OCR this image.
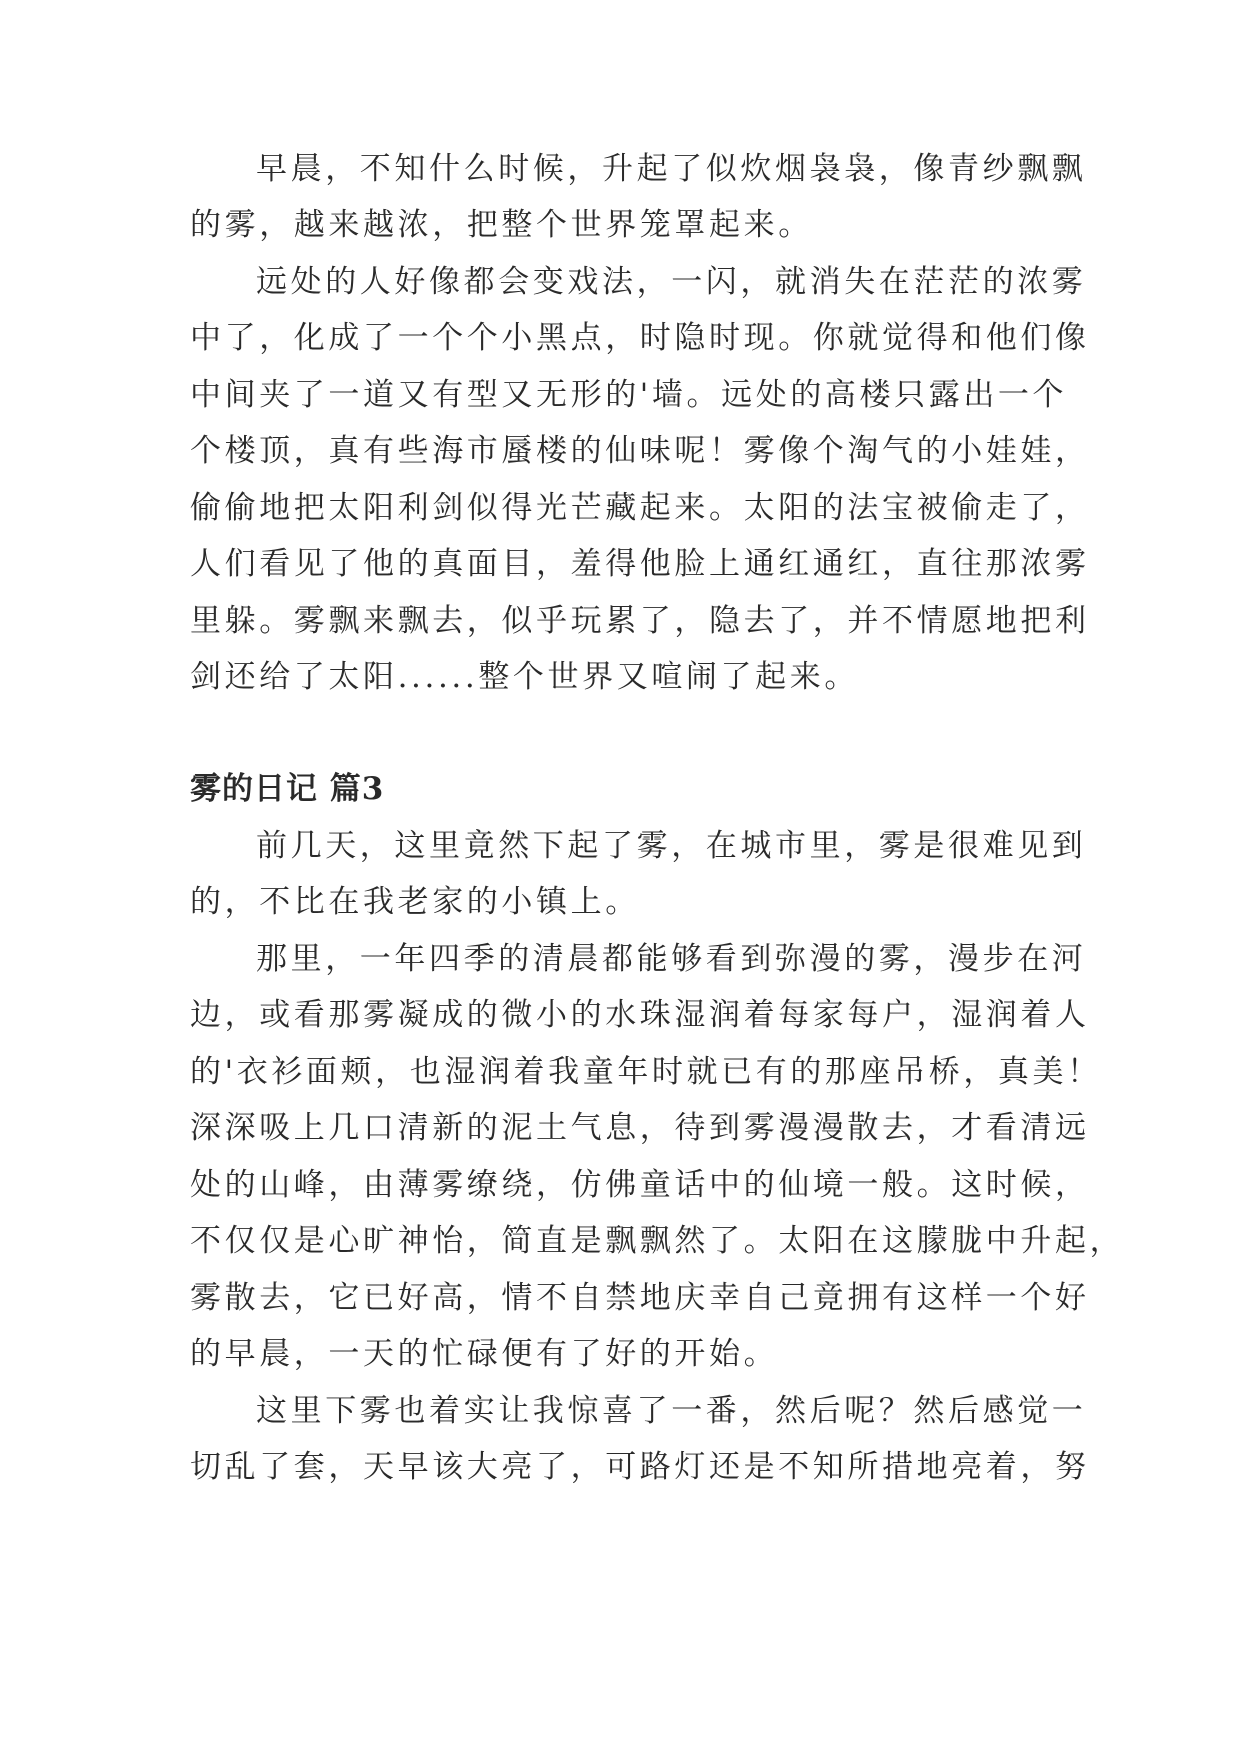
早晨，不知什么时候，升起了似炊烟袅袅，像青纱飘飘

的雾，越来越浓，把整个世界笼罩起来。

远处的人好像都会变戏法，一闪，就消失在茫茫的浓雾

中了，化成了一个个小黑点，时隐时现。你就觉得和他们像

中间夹了一道又有型又无形的'墙。远处的高楼只露出一个

个楼顶，真有些海市蜃楼的仙味呢！雾像个淘气的小娃娃，

偷偷地把太阳利剑似得光芒藏起来。太阳的法宝被偷走了，

人们看见了他的真面目，羞得他脸上通红通红，直往那浓雾

里躲。雾飘来飘去，似乎玩累了，隐去了，并不情愿地把利

剑还给了太阳......整个世界又喧闹了起来。

雾的日记 篇3

前几天，这里竟然下起了雾，在城市里，雾是很难见到

的，不比在我老家的小镇上。

那里，一年四季的清晨都能够看到弥漫的雾，漫步在河

边，或看那雾凝成的微小的水珠湿润着每家每户，湿润着人

的'衣衫面颊，也湿润着我童年时就已有的那座吊桥，真美！

深深吸上几口清新的泥土气息，待到雾漫漫散去，才看清远

处的山峰，由薄雾缭绕，仿佛童话中的仙境一般。这时候，

不仅仅是心旷神怡，简直是飘飘然了。太阳在这朦胧中升起，

雾散去，它已好高，情不自禁地庆幸自己竟拥有这样一个好

的早晨，一天的忙碌便有了好的开始。

这里下雾也着实让我惊喜了一番，然后呢？然后感觉一

切乱了套，天早该大亮了，可路灯还是不知所措地亮着，努
